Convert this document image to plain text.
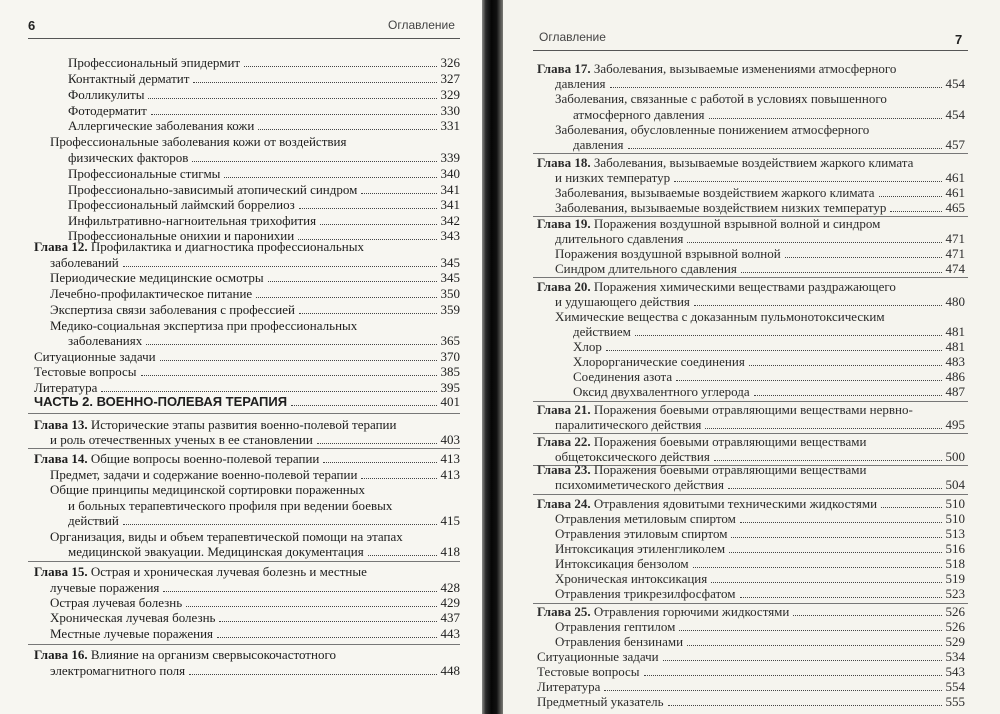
6	Оглавление
Профессиональный эпидермит	326
Контактный дерматит	327
Фолликулиты	329
Фотодерматит	330
Аллергические заболевания кожи	331
Профессиональные заболевания кожи от воздействия
физических факторов	339
Профессиональные стигмы	340
Профессионально-зависимый атопический синдром	341
Профессиональный лаймский боррелиоз	341
Инфильтративно-нагноительная трихофития	342
Профессиональные онихии и паронихии	343
Глава 12. Профилактика и диагностика профессиональных
заболеваний	345
Периодические медицинские осмотры	345
Лечебно-профилактическое питание	350
Экспертиза связи заболевания с профессией	359
Медико-социальная экспертиза при профессиональных
заболеваниях	365
Ситуационные задачи	370
Тестовые вопросы	385
Литература	395
ЧАСТЬ 2. ВОЕННО-ПОЛЕВАЯ ТЕРАПИЯ	401
Глава 13. Исторические этапы развития военно-полевой терапии
и роль отечественных ученых в ее становлении	403
Глава 14. Общие вопросы военно-полевой терапии	413
Предмет, задачи и содержание военно-полевой терапии	413
Общие принципы медицинской сортировки пораженных
и больных терапевтического профиля при ведении боевых
действий	415
Организация, виды и объем терапевтической помощи на этапах
медицинской эвакуации. Медицинская документация	418
Глава 15. Острая и хроническая лучевая болезнь и местные
лучевые поражения	428
Острая лучевая болезнь	429
Хроническая лучевая болезнь	437
Местные лучевые поражения	443
Глава 16. Влияние на организм свервысокочастотного
электромагнитного поля	448
Оглавление	7
Глава 17. Заболевания, вызываемые изменениями атмосферного
давления	454
Заболевания, связанные с работой в условиях повышенного
атмосферного давления	454
Заболевания, обусловленные понижением атмосферного
давления	457
Глава 18. Заболевания, вызываемые воздействием жаркого климата
и низких температур	461
Заболевания, вызываемые воздействием жаркого климата	461
Заболевания, вызываемые воздействием низких температур	465
Глава 19. Поражения воздушной взрывной волной и синдром
длительного сдавления	471
Поражения воздушной взрывной волной	471
Синдром длительного сдавления	474
Глава 20. Поражения химическими веществами раздражающего
и удушающего действия	480
Химические вещества с доказанным пульмонотоксическим
действием	481
Хлор	481
Хлорорганические соединения	483
Соединения азота	486
Оксид двухвалентного углерода	487
Глава 21. Поражения боевыми отравляющими веществами нервно-
паралитического действия	495
Глава 22. Поражения боевыми отравляющими веществами
общетоксического действия	500
Глава 23. Поражения боевыми отравляющими веществами
психомиметического действия	504
Глава 24. Отравления ядовитыми техническими жидкостями	510
Отравления метиловым спиртом	510
Отравления этиловым спиртом	513
Интоксикация этиленгликолем	516
Интоксикация бензолом	518
Хроническая интоксикация	519
Отравления трикрезилфосфатом	523
Глава 25. Отравления горючими жидкостями	526
Отравления гептилом	526
Отравления бензинами	529
Ситуационные задачи	534
Тестовые вопросы	543
Литература	554
Предметный указатель	555
